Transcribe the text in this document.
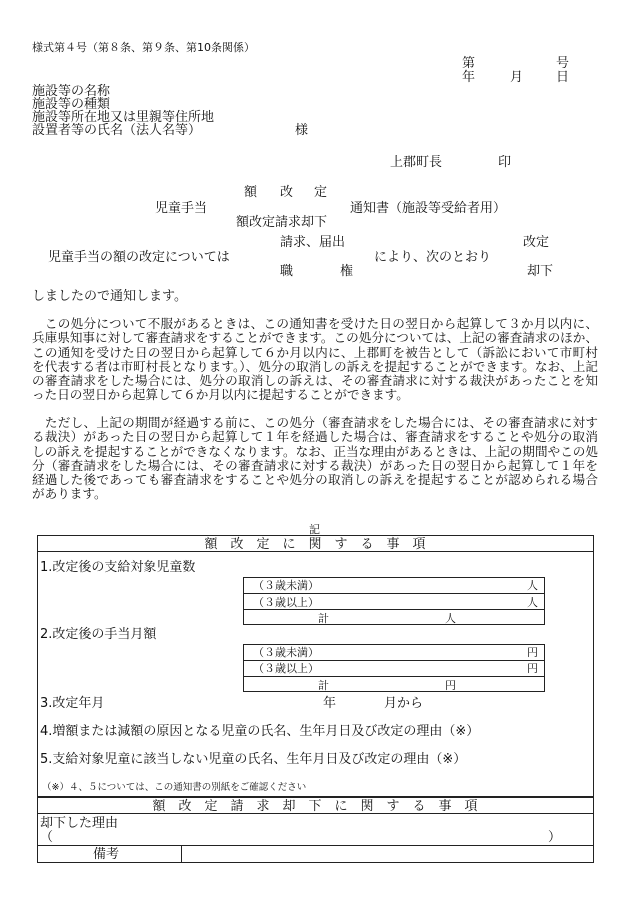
様式第４号（第８条、第９条、第10条関係）
第	号
年	月	日
施設等の名称
施設等の種類
施設等所在地又は里親等住所地
設置者等の氏名（法人名等）	様
上郡町長	印
額 改 定
児童手当	通知書（施設等受給者用）
額改定請求却下
請求、届出	改定
児童手当の額の改定については	により、次のとおり
職	権	却下
しましたので通知します。
　この処分について不服があるときは、この通知書を受けた日の翌日から起算して３か月以内に、兵庫県知事に対して審査請求をすることができます。この処分については、上記の審査請求のほか、この通知を受けた日の翌日から起算して６か月以内に、上郡町を被告として（訴訟において市町村を代表する者は市町村長となります。）、処分の取消しの訴えを提起することができます。なお、上記の審査請求をした場合には、処分の取消しの訴えは、その審査請求に対する裁決があったことを知った日の翌日から起算して６か月以内に提起することができます。
　ただし、上記の期間が経過する前に、この処分（審査請求をした場合には、その審査請求に対する裁決）があった日の翌日から起算して１年を経過した場合は、審査請求をすることや処分の取消しの訴えを提起することができなくなります。なお、正当な理由があるときは、上記の期間やこの処分（審査請求をした場合には、その審査請求に対する裁決）があった日の翌日から起算して１年を経過した後であっても審査請求をすることや処分の取消しの訴えを提起することが認められる場合があります。
記
額　改　定　に　関　す　る　事　項
1.改定後の支給対象児童数
（３歳未満）	人
（３歳以上）	人
計	人
2.改定後の手当月額
（３歳未満）	円
（３歳以上）	円
計	円
3.改定年月	年	月から
4.増額または減額の原因となる児童の氏名、生年月日及び改定の理由（※）
5.支給対象児童に該当しない児童の氏名、生年月日及び改定の理由（※）
（※）４、５については、この通知書の別紙をご確認ください
額　改　定　請　求　却　下　に　関　す　る　事　項
却下した理由
（	）
備考
